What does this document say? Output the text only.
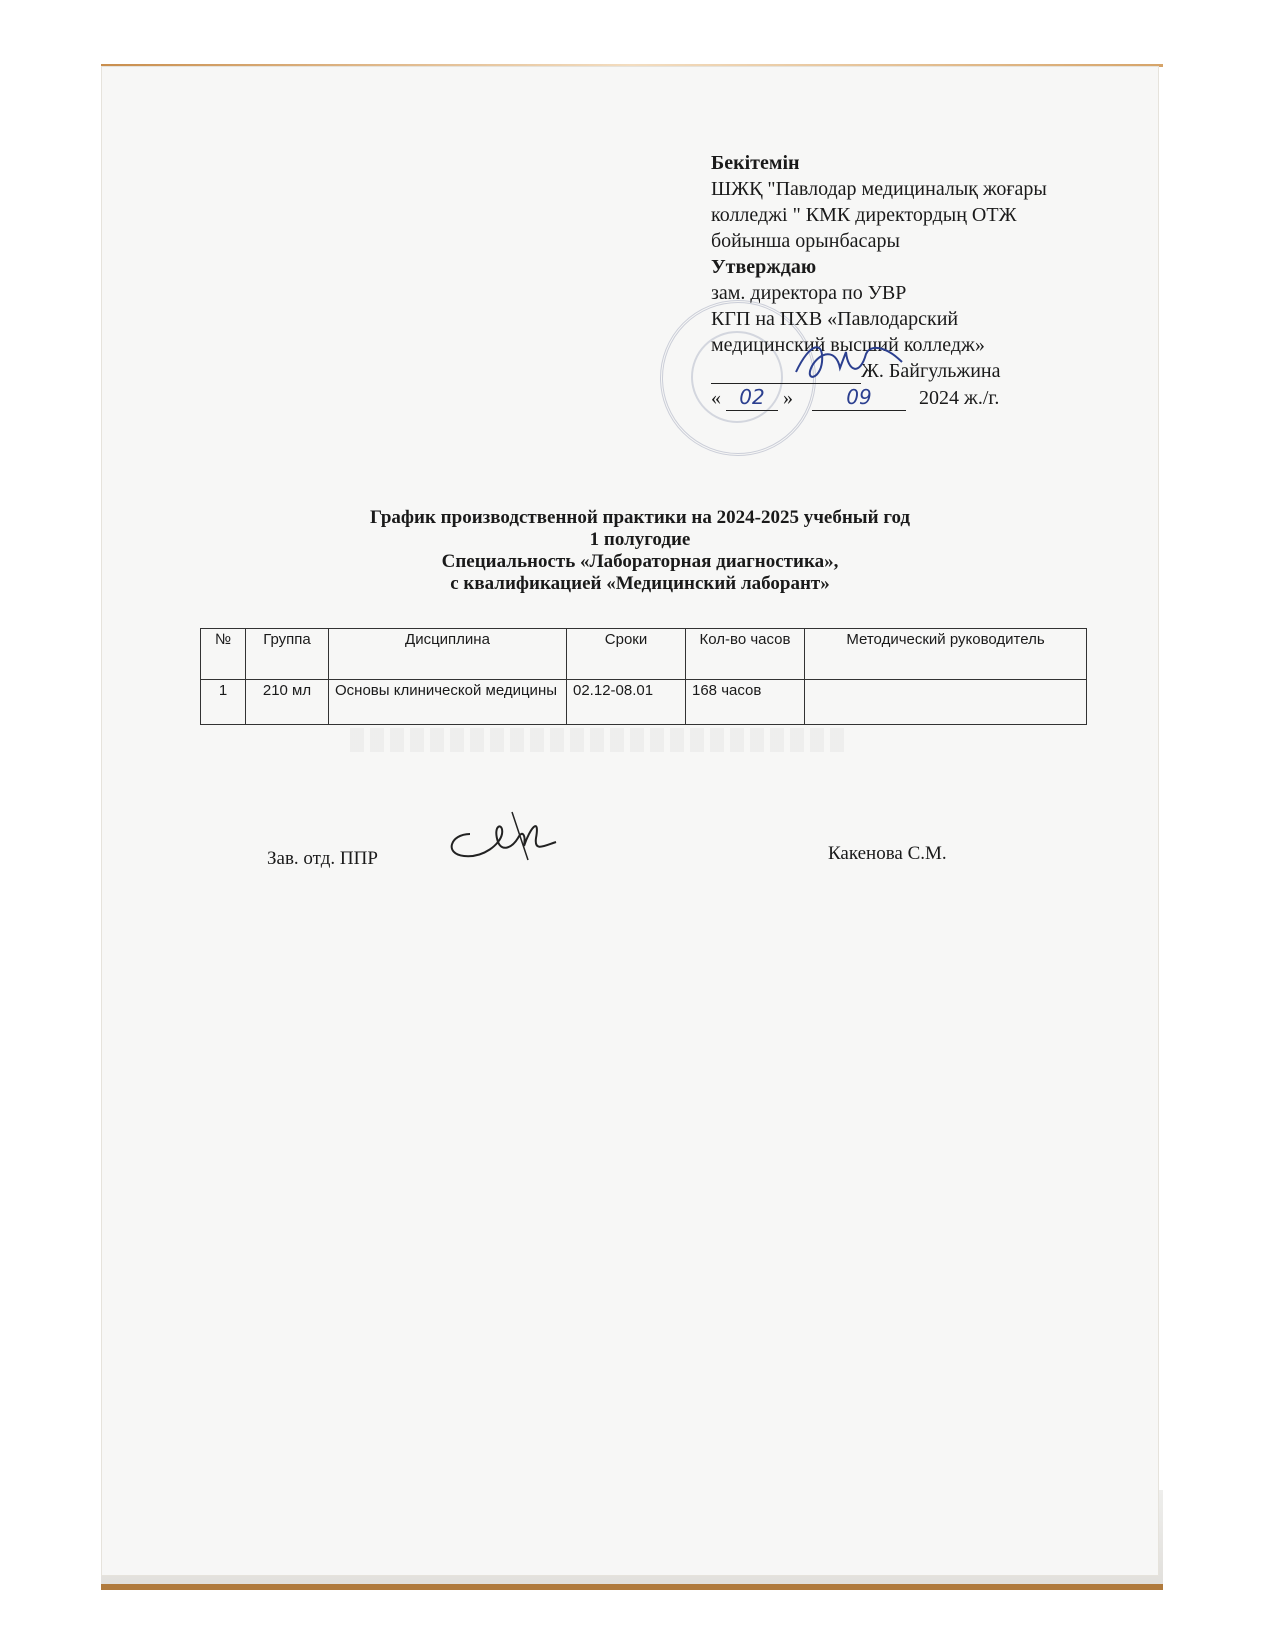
Бекітемін
ШЖҚ "Павлодар медициналық жоғары
колледжі " КМК директордың ОТЖ
бойынша орынбасары
Утверждаю
зам. директора по УВР
КГП на ПХВ «Павлодарский
медицинский высший колледж»
Ж. Байгульжина
« 02 »	09 2024 ж./г.
График производственной практики на 2024-2025 учебный год
1 полугодие
Специальность «Лабораторная диагностика»,
с квалификацией «Медицинский лаборант»
№	Группа	Дисциплина	Сроки	Кол-во часов	Методический руководитель
1	210 мл	Основы клинической медицины	02.12-08.01	168 часов	
Зав. отд. ППР	Какенова С.М.
